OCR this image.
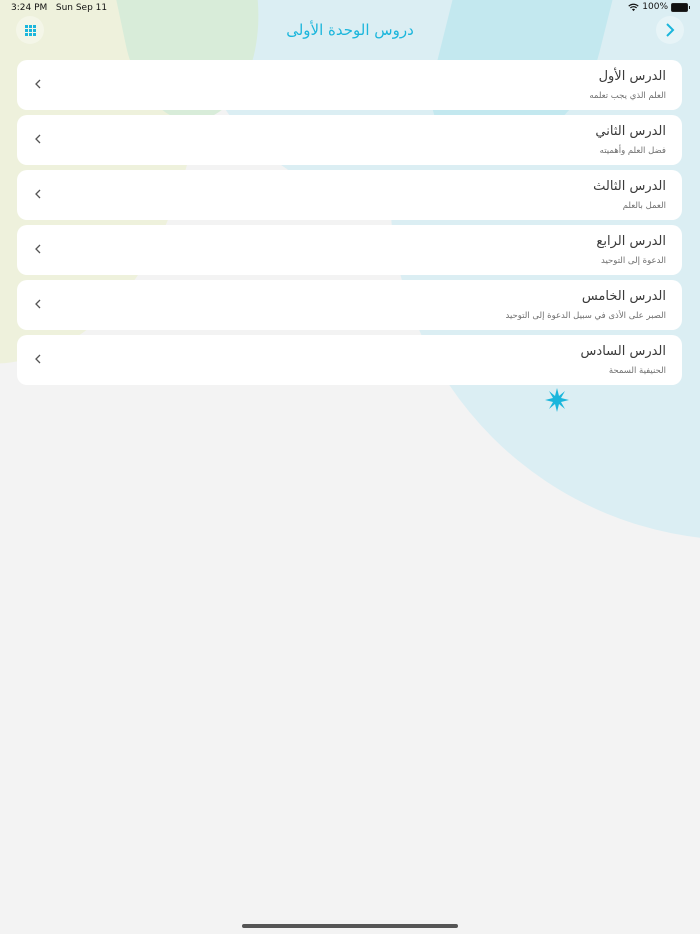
3:24 PM Sun Sep 11	100%
دروس الوحدة الأولى
الدرس الأول
العلم الذي يجب تعلمه
الدرس الثاني
فضل العلم وأهميته
الدرس الثالث
العمل بالعلم
الدرس الرابع
الدعوة إلى التوحيد
الدرس الخامس
الصبر على الأذى في سبيل الدعوة إلى التوحيد
الدرس السادس
الحنيفية السمحة
